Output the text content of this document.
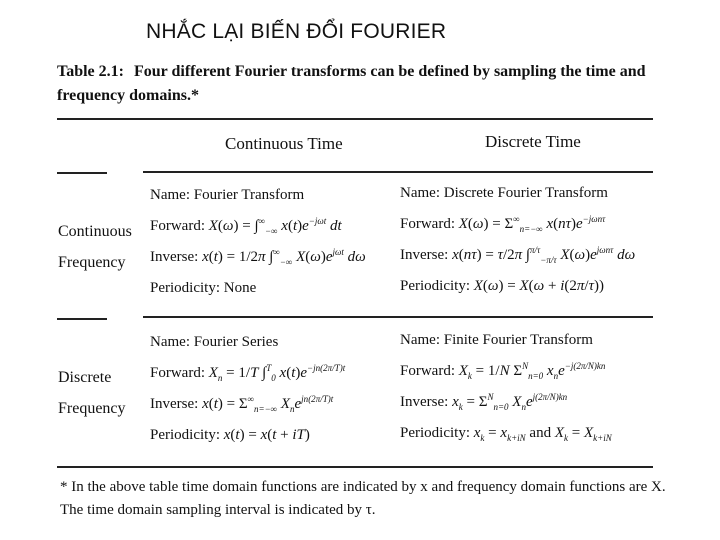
NHẮC LẠI BIẾN ĐỔI FOURIER
Table 2.1: Four different Fourier transforms can be defined by sampling the time and frequency domains.*
Continuous Time	Discrete Time
Continuous
Frequency
Discrete
Frequency
Name: Fourier Transform
Forward: $X(\omega) = \int^\infty_{-\infty}$ $x(t)e^{-j\omega t}$ dt
Inverse: x(t) = 1/2π $\int^\infty_{-\infty}$ $X(\omega)e^{j\omega t}$ dω
Periodicity: None
Name: Discrete Fourier Transform
Forward: $X(\omega) = \Sigma^\infty_{n=-\infty}$ $x(n\tau)e^{-j\omega n\tau}$
Inverse: x(nτ) = τ/2π ∫$^{\pi/\tau}_{-\pi/\tau}$ $X(\omega)e^{j\omega n\tau}$ dω
Periodicity: X(ω) = X(ω + i(2π/τ))
Name: Fourier Series
Forward: $X_n = 1/T$ ∫$^T_0$ $x(t)e^{-jn(2\pi/T)t}$
Inverse: $x(t) = \Sigma^\infty_{n=-\infty}$ $X_ne^{jn(2\pi/T)t}$
Periodicity: x(t) = x(t + iT)
Name: Finite Fourier Transform
Forward: $X_k = 1/N$ $\Sigma^N_{n=0}$ $x_ne^{-j(2\pi/N)kn}$
Inverse: $x_k = \Sigma^N_{n=0}$ $X_ne^{j(2\pi/N)kn}$
Periodicity: $x_k = x_{k+iN}$ and $X_k = X_{k+iN}$
* In the above table time domain functions are indicated by x and frequency domain functions are X.
The time domain sampling interval is indicated by τ.
